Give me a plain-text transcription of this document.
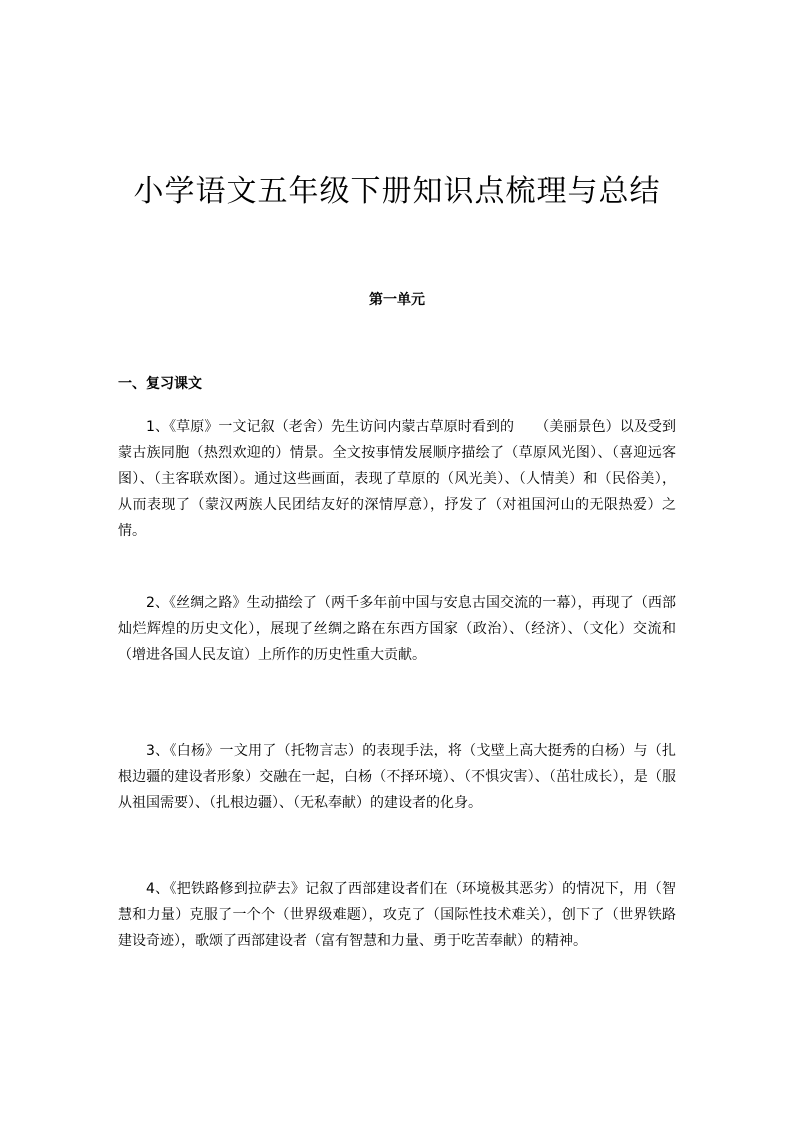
小学语文五年级下册知识点梳理与总结
第一单元
一、复习课文

1、《草原》一文记叙（老舍）先生访问内蒙古草原时看到的　　（美丽景色）以及受到蒙古族同胞（热烈欢迎的）情景。全文按事情发展顺序描绘了（草原风光图）、（喜迎远客图）、（主客联欢图）。通过这些画面，表现了草原的（风光美）、（人情美）和（民俗美），从而表现了（蒙汉两族人民团结友好的深情厚意），抒发了（对祖国河山的无限热爱）之情。

2、《丝绸之路》生动描绘了（两千多年前中国与安息古国交流的一幕），再现了（西部灿烂辉煌的历史文化），展现了丝绸之路在东西方国家（政治）、（经济）、（文化）交流和（增进各国人民友谊）上所作的历史性重大贡献。

3、《白杨》一文用了（托物言志）的表现手法，将（戈壁上高大挺秀的白杨）与（扎根边疆的建设者形象）交融在一起，白杨（不择环境）、（不惧灾害）、（茁壮成长），是（服从祖国需要）、（扎根边疆）、（无私奉献）的建设者的化身。

4、《把铁路修到拉萨去》记叙了西部建设者们在（环境极其恶劣）的情况下，用（智慧和力量）克服了一个个（世界级难题），攻克了（国际性技术难关），创下了（世界铁路建设奇迹），歌颂了西部建设者（富有智慧和力量、勇于吃苦奉献）的精神。
